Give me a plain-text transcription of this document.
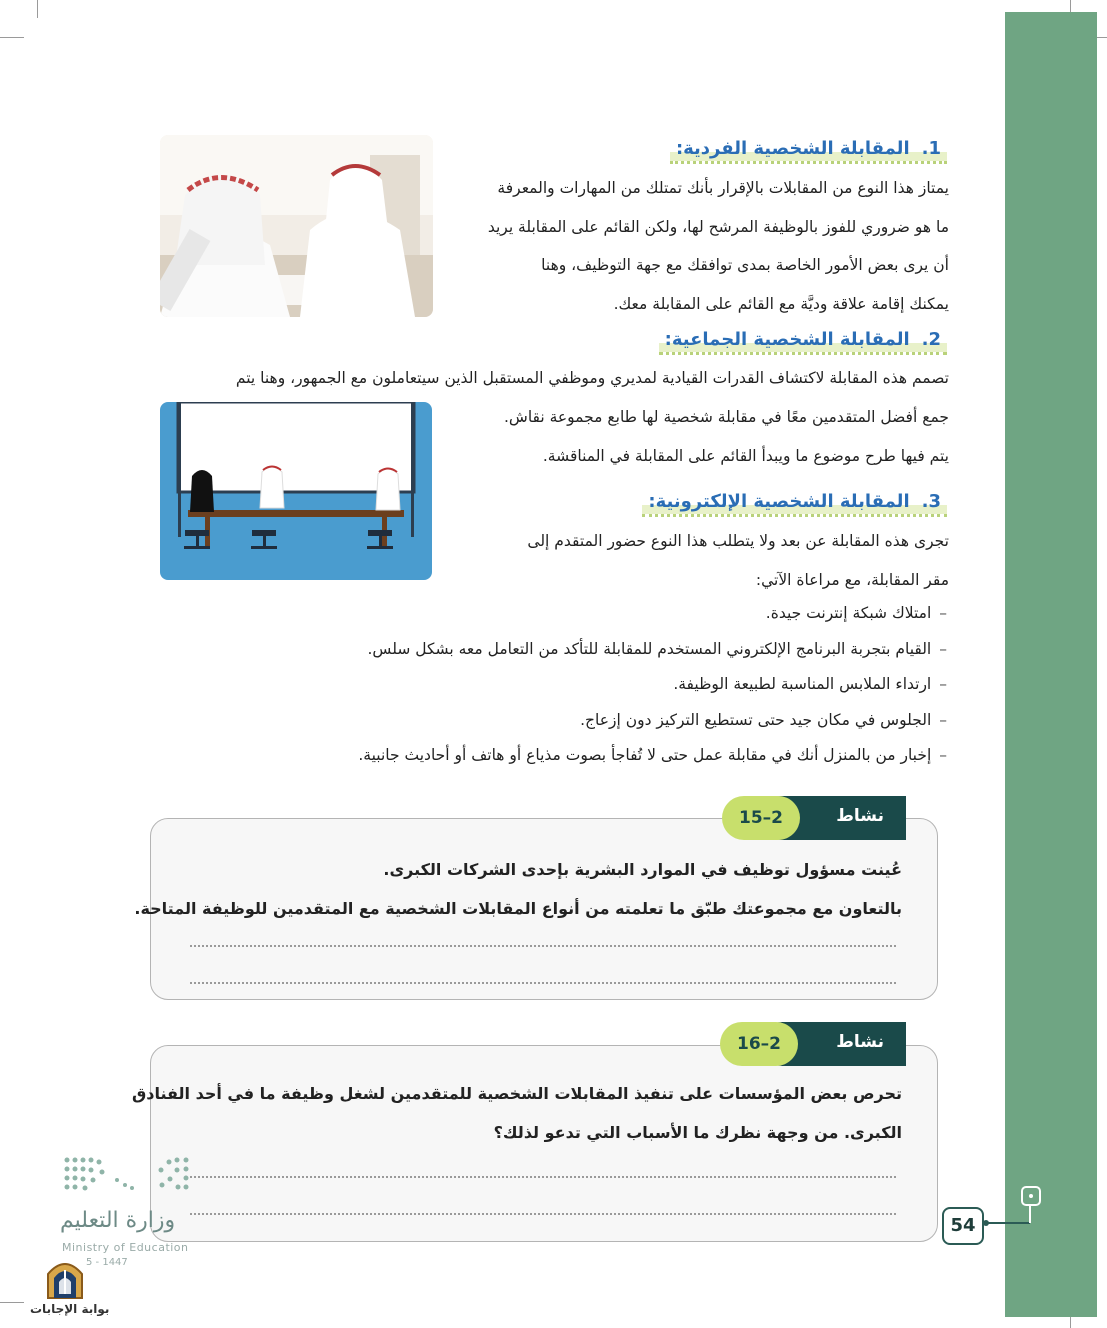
1.المقابلة الشخصية الفردية:
يمتاز هذا النوع من المقابلات بالإقرار بأنك تمتلك من المهارات والمعرفة
ما هو ضروري للفوز بالوظيفة المرشح لها، ولكن القائم على المقابلة يريد
أن يرى بعض الأمور الخاصة بمدى توافقك مع جهة التوظيف، وهنا
يمكنك إقامة علاقة وديَّة مع القائم على المقابلة معك.
2.المقابلة الشخصية الجماعية:
تصمم هذه المقابلة لاكتشاف القدرات القيادية لمديري وموظفي المستقبل الذين سيتعاملون مع الجمهور، وهنا يتم
جمع أفضل المتقدمين معًا في مقابلة شخصية لها طابع مجموعة نقاش.
يتم فيها طرح موضوع ما ويبدأ القائم على المقابلة في المناقشة.
3.المقابلة الشخصية الإلكترونية:
تجرى هذه المقابلة عن بعد ولا يتطلب هذا النوع حضور المتقدم إلى
مقر المقابلة، مع مراعاة الآتي:
–امتلاك شبكة إنترنت جيدة.
–القيام بتجربة البرنامج الإلكتروني المستخدم للمقابلة للتأكد من التعامل معه بشكل سلس.
–ارتداء الملابس المناسبة لطبيعة الوظيفة.
–الجلوس في مكان جيد حتى تستطيع التركيز دون إزعاج.
–إخبار من بالمنزل أنك في مقابلة عمل حتى لا تُفاجأ بصوت مذياع أو هاتف أو أحاديث جانبية.
نشاط
15–2
عُينت مسؤول توظيف في الموارد البشرية بإحدى الشركات الكبرى.
بالتعاون مع مجموعتك طبّق ما تعلمته من أنواع المقابلات الشخصية مع المتقدمين للوظيفة المتاحة.
نشاط
16–2
تحرص بعض المؤسسات على تنفيذ المقابلات الشخصية للمتقدمين لشغل وظيفة ما في أحد الفنادق
الكبرى. من وجهة نظرك ما الأسباب التي تدعو لذلك؟
54
وزارة التعليم
Ministry of Education
5 - 1447
بوابة الإجابات
